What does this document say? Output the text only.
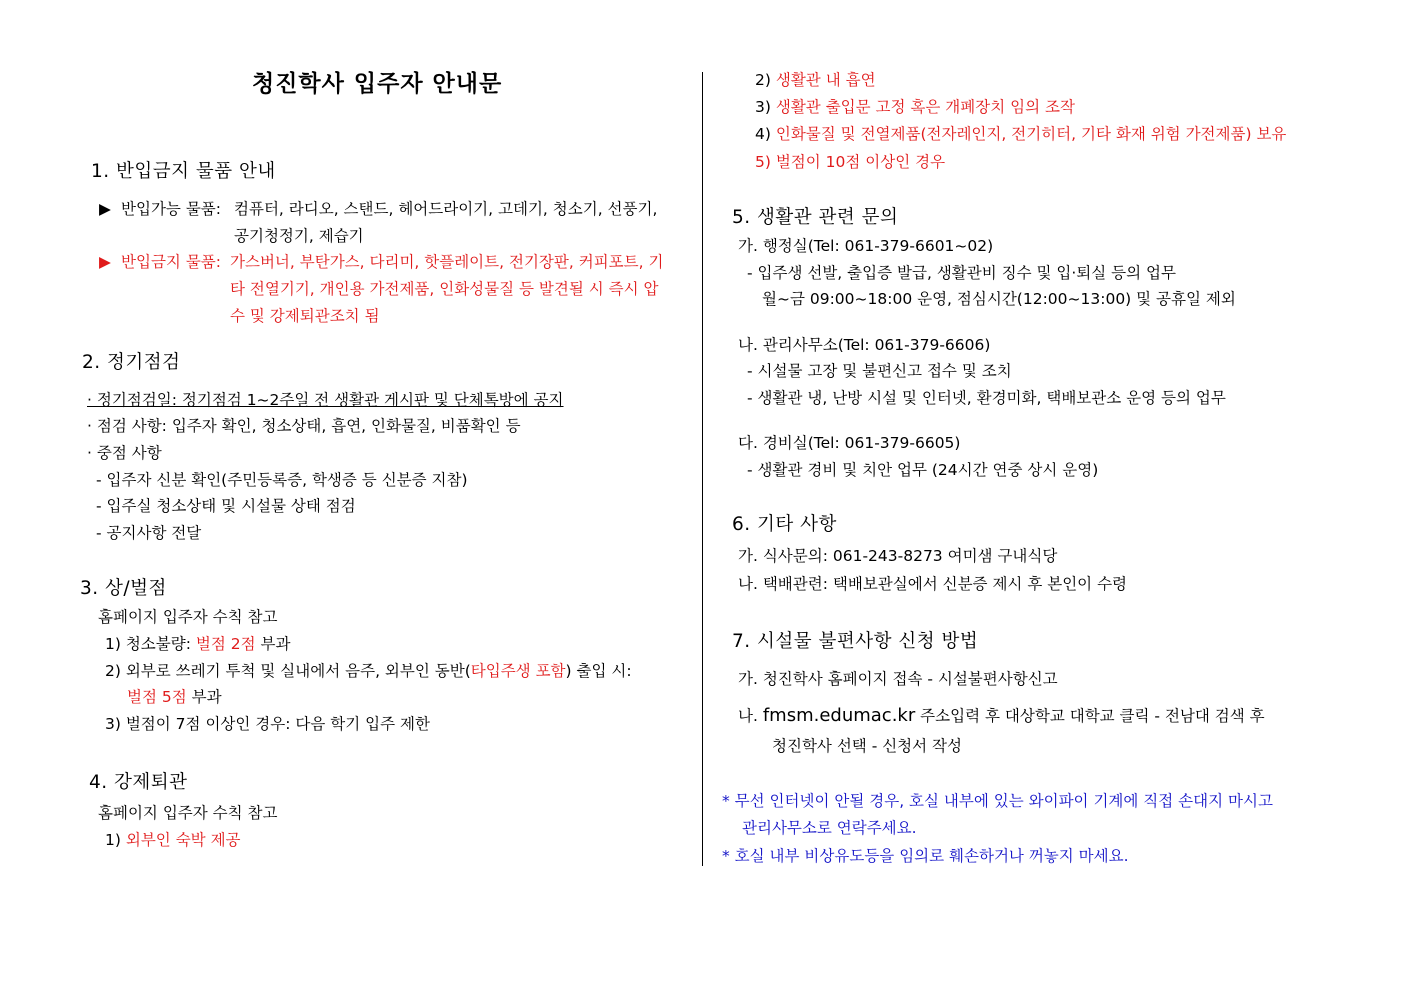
청진학사 입주자 안내문
1. 반입금지 물품 안내
▶ 반입가능 물품: 컴퓨터, 라디오, 스탠드, 헤어드라이기, 고데기, 청소기, 선풍기,
공기청정기, 제습기
▶ 반입금지 물품: 가스버너, 부탄가스, 다리미, 핫플레이트, 전기장판, 커피포트, 기
타 전열기기, 개인용 가전제품, 인화성물질 등 발견될 시 즉시 압
수 및 강제퇴관조치 됨
2. 정기점검
· 정기점검일: 정기점검 1~2주일 전 생활관 게시판 및 단체톡방에 공지
· 점검 사항: 입주자 확인, 청소상태, 흡연, 인화물질, 비품확인 등
· 중점 사항
- 입주자 신분 확인(주민등록증, 학생증 등 신분증 지참)
- 입주실 청소상태 및 시설물 상태 점검
- 공지사항 전달
3. 상/벌점
홈페이지 입주자 수칙 참고
1) 청소불량: 벌점 2점 부과
2) 외부로 쓰레기 투척 및 실내에서 음주, 외부인 동반(타입주생 포함) 출입 시:
벌점 5점 부과
3) 벌점이 7점 이상인 경우: 다음 학기 입주 제한
4. 강제퇴관
홈페이지 입주자 수칙 참고
1) 외부인 숙박 제공
2) 생활관 내 흡연
3) 생활관 출입문 고정 혹은 개폐장치 임의 조작
4) 인화물질 및 전열제품(전자레인지, 전기히터, 기타 화재 위험 가전제품) 보유
5) 벌점이 10점 이상인 경우
5. 생활관 관련 문의
가. 행정실(Tel: 061-379-6601~02)
- 입주생 선발, 출입증 발급, 생활관비 징수 및 입·퇴실 등의 업무
월~금 09:00~18:00 운영, 점심시간(12:00~13:00) 및 공휴일 제외
나. 관리사무소(Tel: 061-379-6606)
- 시설물 고장 및 불편신고 접수 및 조치
- 생활관 냉, 난방 시설 및 인터넷, 환경미화, 택배보관소 운영 등의 업무
다. 경비실(Tel: 061-379-6605)
- 생활관 경비 및 치안 업무 (24시간 연중 상시 운영)
6. 기타 사항
가. 식사문의: 061-243-8273 여미샘 구내식당
나. 택배관련: 택배보관실에서 신분증 제시 후 본인이 수령
7. 시설물 불편사항 신청 방법
가. 청진학사 홈페이지 접속 - 시설불편사항신고
나. fmsm.edumac.kr 주소입력 후 대상학교 대학교 클릭 - 전남대 검색 후
청진학사 선택 - 신청서 작성
* 무선 인터넷이 안될 경우, 호실 내부에 있는 와이파이 기계에 직접 손대지 마시고
관리사무소로 연락주세요.
* 호실 내부 비상유도등을 임의로 훼손하거나 꺼놓지 마세요.
